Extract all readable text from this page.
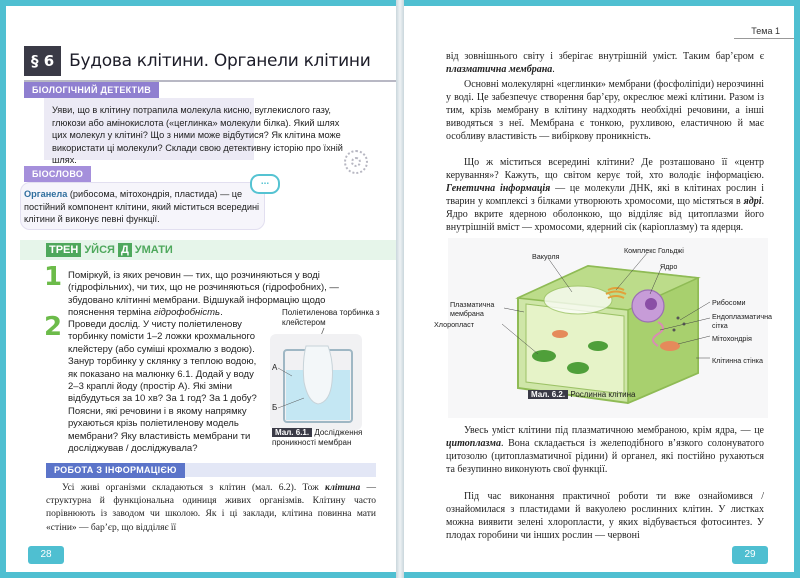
§ 6 Будова клітини. Органели клітини
БІОЛОГІЧНИЙ ДЕТЕКТИВ
Уяви, що в клітину потрапила молекула кисню, вуглекислого газу, глюкози або амінокислота («цеглинка» молекули білка). Який шлях цих молекул у клітині? Що з ними може відбутися? Як клітина може використати ці молекули? Склади свою детективну історію про їхній шлях.
БІОСЛОВО
Органела (рибосома, мітохондрія, пластида) — це постійний компонент клітини, який міститься всередині клітини й виконує певні функції.
...
ТРЕН УЙСЯ Д УМАТИ
1 Поміркуй, із яких речовин — тих, що розчиняються у воді (гідрофільних), чи тих, що не розчиняються (гідрофобних), — збудовано клітинні мембрани. Відшукай інформацію щодо пояснення терміна гідрофобність.
2 Проведи дослід. У чисту поліетиленову торбинку помісти 1–2 ложки крохмального клейстеру (або суміші крохмалю з водою). Занур торбинку у склянку з теплою водою, як показано на малюнку 6.1. Додай у воду 2–3 краплі йоду (простір А). Які зміни відбудуться за 10 хв? За 1 год? За 1 добу? Поясни, які речовини і в якому напрямку рухаються крізь поліетиленову модель мембрани? Яку властивість мембрани ти досліджував / досліджувала?
Поліетиленова торбинка з клейстером
А
Б
Мал. 6.1. Дослідження проникності мембран
РОБОТА З ІНФОРМАЦІЄЮ
Усі живі організми складаються з клітин (мал. 6.2). Тож клітина — структурна й функціональна одиниця живих організмів. Клітину часто порівнюють із заводом чи школою. Як і ці заклади, клітина повинна мати «стіни» — бар’єр, що відділяє її
28
Тема 1
від зовнішнього світу і зберігає внутрішній уміст. Таким бар’єром є плазматична мембрана.
Основні молекулярні «цеглинки» мембрани (фосфоліпіди) нерозчинні у воді. Це забезпечує створення бар’єру, окреслює межі клітини. Разом із тим, крізь мембрану в клітину надходять необхідні речовини, а інші виводяться з неї. Мембрана є тонкою, рухливою, еластичною й має особливу властивість — вибіркову проникність.
Що ж міститься всередині клітини? Де розташовано її «центр керування»? Кажуть, що світом керує той, хто володіє інформацією. Генетична інформація — це молекули ДНК, які в клітинах рослин і тварин у комплексі з білками утворюють хромосоми, що містяться в ядрі. Ядро вкрите ядерною оболонкою, що відділяє від цитоплазми його внутрішній вміст — хромосоми, ядерний сік (каріоплазму) та ядерця.
Вакуоля
Комплекс Гольджі
Ядро
Плазматична мембрана
Хлоропласт
Рибосоми
Ендоплазматична сітка
Мітохондрія
Клітинна стінка
Мал. 6.2. Рослинна клітина
Увесь уміст клітини під плазматичною мембраною, крім ядра, — це цитоплазма. Вона складається із желеподібного в’язкого солонуватого цитозолю (цитоплазматичної рідини) й органел, які постійно рухаються та безупинно виконують свої функції.
Під час виконання практичної роботи ти вже ознайомився / ознайомилася з пластидами й вакуолею рослинних клітин. У листках можна виявити зелені хлоропласти, у яких відбувається фотосинтез. У плодах горобини чи інших рослин — червоні
29
